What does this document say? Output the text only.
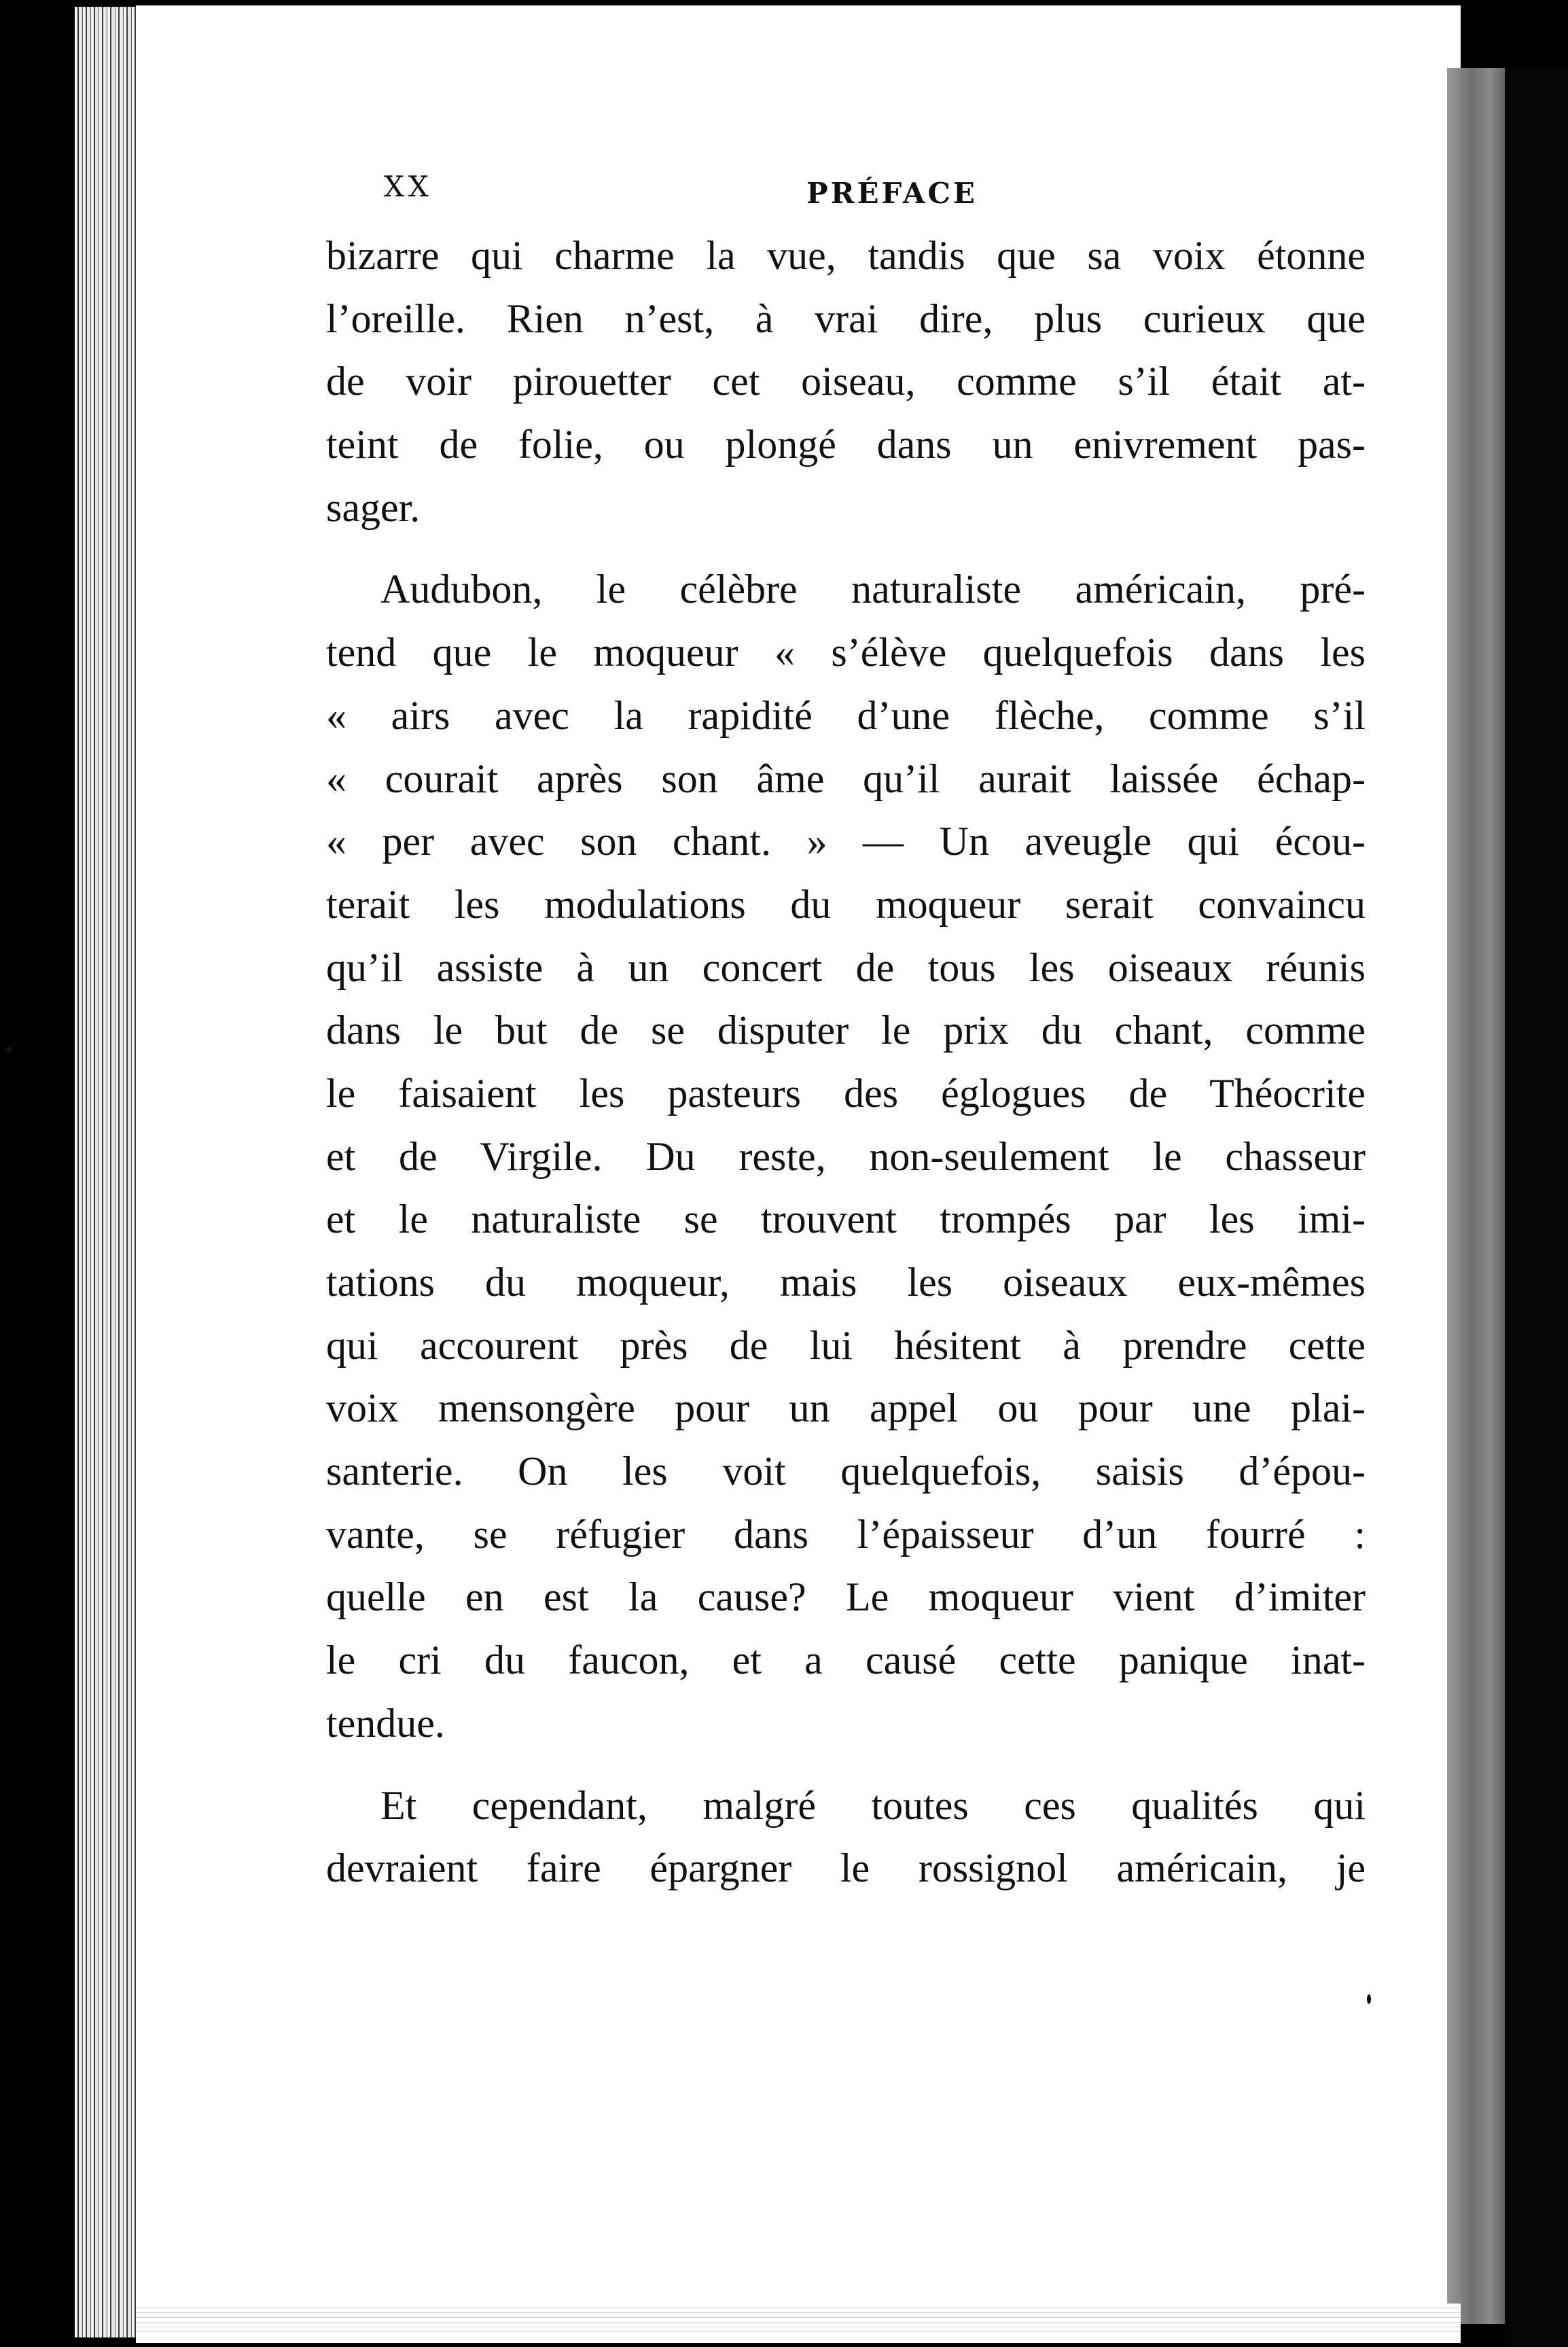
XX	PRÉFACE
bizarre qui charme la vue, tandis que sa voix étonne
l’oreille. Rien n’est, à vrai dire, plus curieux que
de voir pirouetter cet oiseau, comme s’il était at-
teint de folie, ou plongé dans un enivrement pas-
sager.
Audubon, le célèbre naturaliste américain, pré-
tend que le moqueur « s’élève quelquefois dans les
« airs avec la rapidité d’une flèche, comme s’il
« courait après son âme qu’il aurait laissée échap-
« per avec son chant. » — Un aveugle qui écou-
terait les modulations du moqueur serait convaincu
qu’il assiste à un concert de tous les oiseaux réunis
dans le but de se disputer le prix du chant, comme
le faisaient les pasteurs des églogues de Théocrite
et de Virgile. Du reste, non-seulement le chasseur
et le naturaliste se trouvent trompés par les imi-
tations du moqueur, mais les oiseaux eux-mêmes
qui accourent près de lui hésitent à prendre cette
voix mensongère pour un appel ou pour une plai-
santerie. On les voit quelquefois, saisis d’épou-
vante, se réfugier dans l’épaisseur d’un fourré :
quelle en est la cause? Le moqueur vient d’imiter
le cri du faucon, et a causé cette panique inat-
tendue.
Et cependant, malgré toutes ces qualités qui
devraient faire épargner le rossignol américain, je
